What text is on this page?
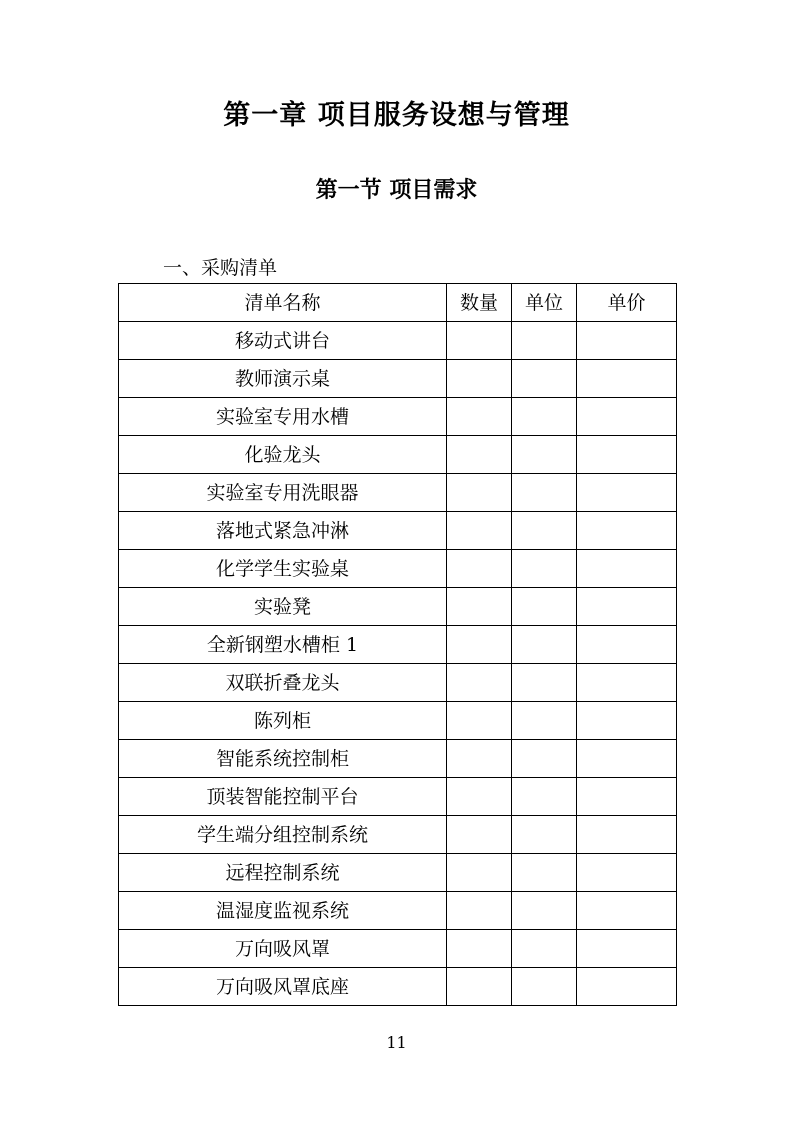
第一章 项目服务设想与管理
第一节 项目需求
一、采购清单
清单名称	数量	单位	单价
移动式讲台			
教师演示桌			
实验室专用水槽			
化验龙头			
实验室专用洗眼器			
落地式紧急冲淋			
化学学生实验桌			
实验凳			
全新钢塑水槽柜 1			
双联折叠龙头			
陈列柜			
智能系统控制柜			
顶装智能控制平台			
学生端分组控制系统			
远程控制系统			
温湿度监视系统			
万向吸风罩			
万向吸风罩底座			
11
